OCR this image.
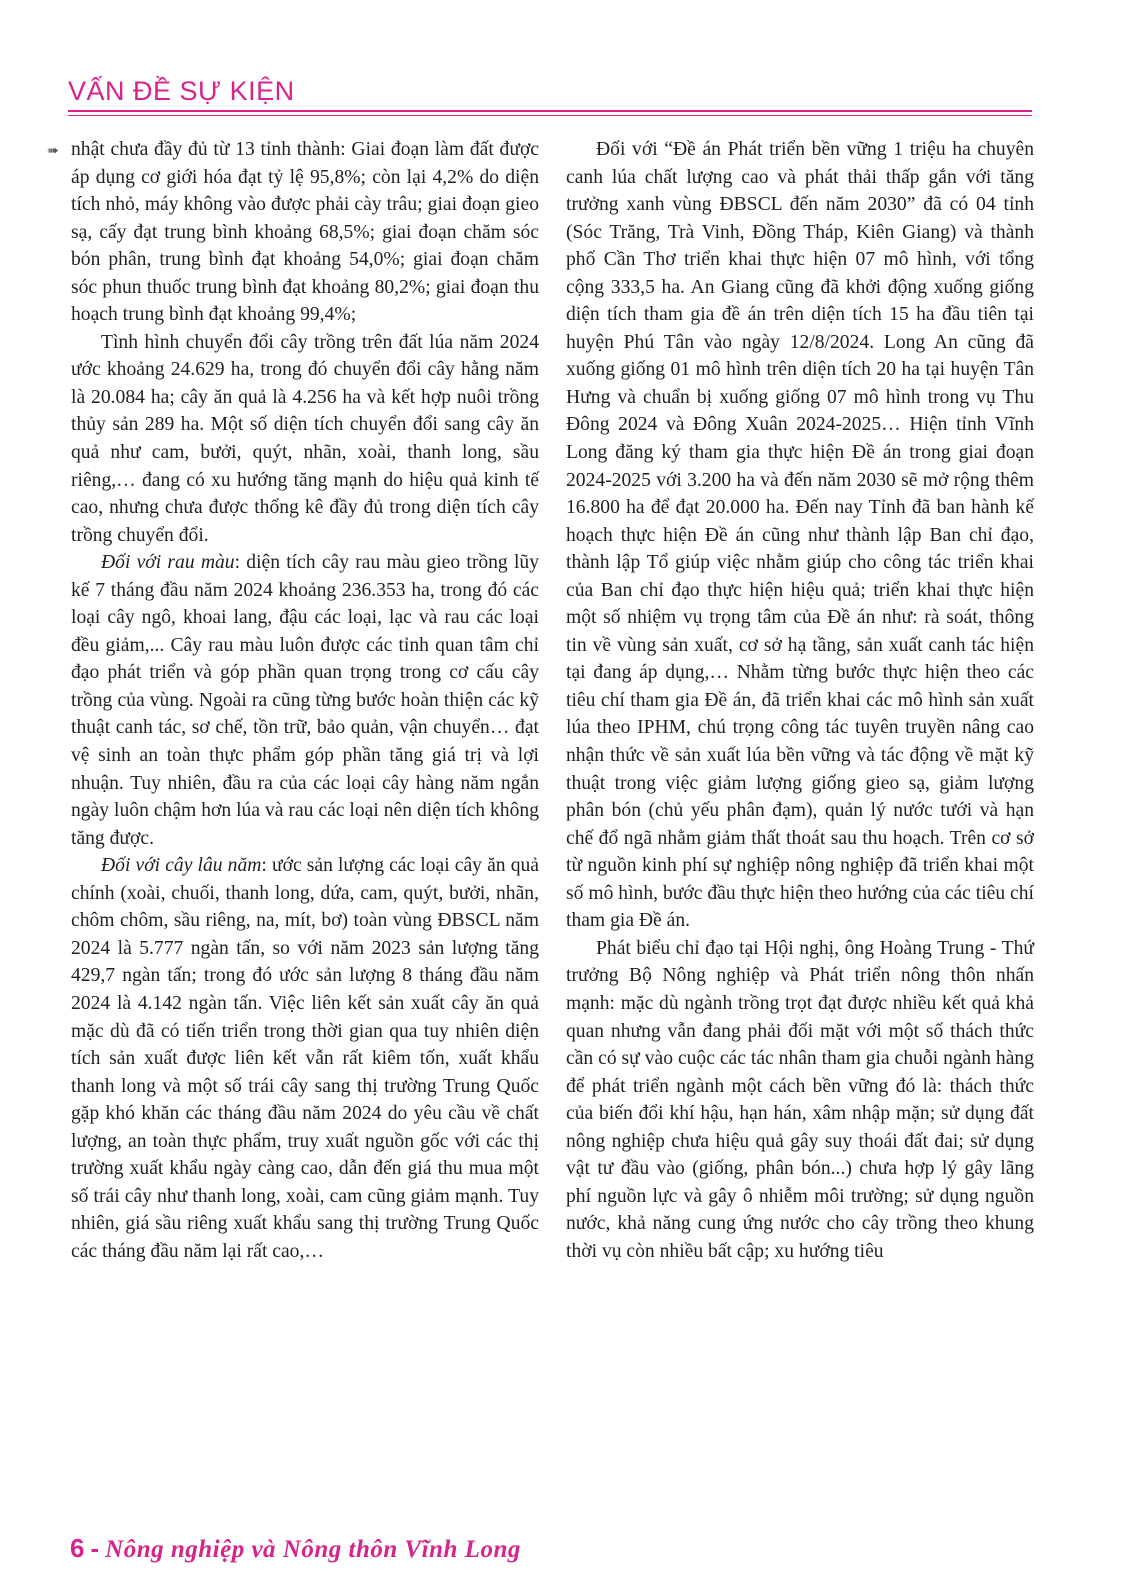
VẤN ĐỀ SỰ KIỆN
➠ nhật chưa đầy đủ từ 13 tỉnh thành: Giai đoạn làm đất được áp dụng cơ giới hóa đạt tỷ lệ 95,8%; còn lại 4,2% do diện tích nhỏ, máy không vào được phải cày trâu; giai đoạn gieo sạ, cấy đạt trung bình khoảng 68,5%; giai đoạn chăm sóc bón phân, trung bình đạt khoảng 54,0%; giai đoạn chăm sóc phun thuốc trung bình đạt khoảng 80,2%; giai đoạn thu hoạch trung bình đạt khoảng 99,4%;

Tình hình chuyển đổi cây trồng trên đất lúa năm 2024 ước khoảng 24.629 ha, trong đó chuyển đổi cây hằng năm là 20.084 ha; cây ăn quả là 4.256 ha và kết hợp nuôi trồng thủy sản 289 ha. Một số diện tích chuyển đổi sang cây ăn quả như cam, bưởi, quýt, nhãn, xoài, thanh long, sầu riêng,… đang có xu hướng tăng mạnh do hiệu quả kinh tế cao, nhưng chưa được thống kê đầy đủ trong diện tích cây trồng chuyển đổi.

Đối với rau màu: diện tích cây rau màu gieo trồng lũy kế 7 tháng đầu năm 2024 khoảng 236.353 ha, trong đó các loại cây ngô, khoai lang, đậu các loại, lạc và rau các loại đều giảm,... Cây rau màu luôn được các tỉnh quan tâm chỉ đạo phát triển và góp phần quan trọng trong cơ cấu cây trồng của vùng. Ngoài ra cũng từng bước hoàn thiện các kỹ thuật canh tác, sơ chế, tồn trữ, bảo quản, vận chuyển… đạt vệ sinh an toàn thực phẩm góp phần tăng giá trị và lợi nhuận. Tuy nhiên, đầu ra của các loại cây hàng năm ngắn ngày luôn chậm hơn lúa và rau các loại nên diện tích không tăng được.

Đối với cây lâu năm: ước sản lượng các loại cây ăn quả chính (xoài, chuối, thanh long, dứa, cam, quýt, bưởi, nhãn, chôm chôm, sầu riêng, na, mít, bơ) toàn vùng ĐBSCL năm 2024 là 5.777 ngàn tấn, so với năm 2023 sản lượng tăng 429,7 ngàn tấn; trong đó ước sản lượng 8 tháng đầu năm 2024 là 4.142 ngàn tấn. Việc liên kết sản xuất cây ăn quả mặc dù đã có tiến triển trong thời gian qua tuy nhiên diện tích sản xuất được liên kết vẫn rất kiêm tốn, xuất khẩu thanh long và một số trái cây sang thị trường Trung Quốc gặp khó khăn các tháng đầu năm 2024 do yêu cầu về chất lượng, an toàn thực phẩm, truy xuất nguồn gốc với các thị trường xuất khẩu ngày càng cao, dẫn đến giá thu mua một số trái cây như thanh long, xoài, cam cũng giảm mạnh. Tuy nhiên, giá sầu riêng xuất khẩu sang thị trường Trung Quốc các tháng đầu năm lại rất cao,…

Đối với “Đề án Phát triển bền vững 1 triệu ha chuyên canh lúa chất lượng cao và phát thải thấp gắn với tăng trưởng xanh vùng ĐBSCL đến năm 2030” đã có 04 tỉnh (Sóc Trăng, Trà Vinh, Đồng Tháp, Kiên Giang) và thành phố Cần Thơ triển khai thực hiện 07 mô hình, với tổng cộng 333,5 ha. An Giang cũng đã khởi động xuống giống diện tích tham gia đề án trên diện tích 15 ha đầu tiên tại huyện Phú Tân vào ngày 12/8/2024. Long An cũng đã xuống giống 01 mô hình trên diện tích 20 ha tại huyện Tân Hưng và chuẩn bị xuống giống 07 mô hình trong vụ Thu Đông 2024 và Đông Xuân 2024-2025… Hiện tỉnh Vĩnh Long đăng ký tham gia thực hiện Đề án trong giai đoạn 2024-2025 với 3.200 ha và đến năm 2030 sẽ mở rộng thêm 16.800 ha để đạt 20.000 ha. Đến nay Tỉnh đã ban hành kế hoạch thực hiện Đề án cũng như thành lập Ban chỉ đạo, thành lập Tổ giúp việc nhằm giúp cho công tác triển khai của Ban chỉ đạo thực hiện hiệu quả; triển khai thực hiện một số nhiệm vụ trọng tâm của Đề án như: rà soát, thông tin về vùng sản xuất, cơ sở hạ tầng, sản xuất canh tác hiện tại đang áp dụng,… Nhằm từng bước thực hiện theo các tiêu chí tham gia Đề án, đã triển khai các mô hình sản xuất lúa theo IPHM, chú trọng công tác tuyên truyền nâng cao nhận thức về sản xuất lúa bền vững và tác động về mặt kỹ thuật trong việc giảm lượng giống gieo sạ, giảm lượng phân bón (chủ yếu phân đạm), quản lý nước tưới và hạn chế đổ ngã nhằm giảm thất thoát sau thu hoạch. Trên cơ sở từ nguồn kinh phí sự nghiệp nông nghiệp đã triển khai một số mô hình, bước đầu thực hiện theo hướng của các tiêu chí tham gia Đề án.

Phát biểu chỉ đạo tại Hội nghị, ông Hoàng Trung - Thứ trưởng Bộ Nông nghiệp và Phát triển nông thôn nhấn mạnh: mặc dù ngành trồng trọt đạt được nhiều kết quả khả quan nhưng vẫn đang phải đối mặt với một số thách thức cần có sự vào cuộc các tác nhân tham gia chuỗi ngành hàng để phát triển ngành một cách bền vững đó là: thách thức của biến đổi khí hậu, hạn hán, xâm nhập mặn; sử dụng đất nông nghiệp chưa hiệu quả gây suy thoái đất đai; sử dụng vật tư đầu vào (giống, phân bón...) chưa hợp lý gây lãng phí nguồn lực và gây ô nhiễm môi trường; sử dụng nguồn nước, khả năng cung ứng nước cho cây trồng theo khung thời vụ còn nhiều bất cập; xu hướng tiêu

6 - Nông nghiệp và Nông thôn Vĩnh Long
